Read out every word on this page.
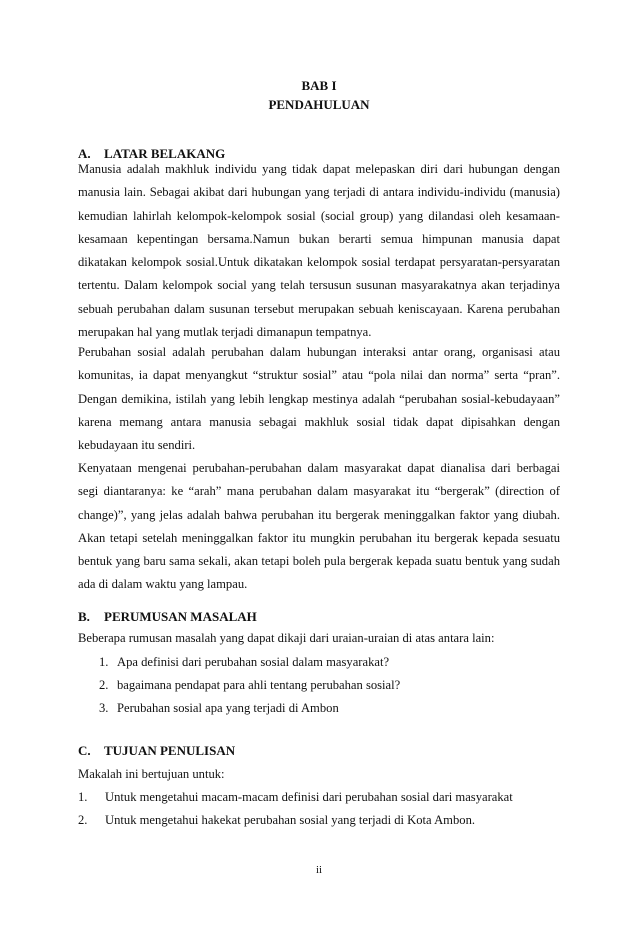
BAB I
PENDAHULUAN
A. LATAR BELAKANG

Manusia adalah makhluk individu yang tidak dapat melepaskan diri dari hubungan dengan manusia lain. Sebagai akibat dari hubungan yang terjadi di antara individu-individu (manusia) kemudian lahirlah kelompok-kelompok sosial (social group) yang dilandasi oleh kesamaan-kesamaan kepentingan bersama.Namun bukan berarti semua himpunan manusia dapat dikatakan kelompok sosial.Untuk dikatakan kelompok sosial terdapat persyaratan-persyaratan tertentu. Dalam kelompok social yang telah tersusun susunan masyarakatnya akan terjadinya sebuah perubahan dalam susunan tersebut merupakan sebuah keniscayaan. Karena perubahan merupakan hal yang mutlak terjadi dimanapun tempatnya.

Perubahan sosial adalah perubahan dalam hubungan interaksi antar orang, organisasi atau komunitas, ia dapat menyangkut “struktur sosial” atau “pola nilai dan norma” serta “pran”. Dengan demikina, istilah yang lebih lengkap mestinya adalah “perubahan sosial-kebudayaan” karena memang antara manusia sebagai makhluk sosial tidak dapat dipisahkan dengan kebudayaan itu sendiri.

Kenyataan mengenai perubahan-perubahan dalam masyarakat dapat dianalisa dari berbagai segi diantaranya: ke “arah” mana perubahan dalam masyarakat itu “bergerak” (direction of change)”, yang jelas adalah bahwa perubahan itu bergerak meninggalkan faktor yang diubah. Akan tetapi setelah meninggalkan faktor itu mungkin perubahan itu bergerak kepada sesuatu bentuk yang baru sama sekali, akan tetapi boleh pula bergerak kepada suatu bentuk yang sudah ada di dalam waktu yang lampau.

B. PERUMUSAN MASALAH
Beberapa rumusan masalah yang dapat dikaji dari uraian-uraian di atas antara lain:
1. Apa definisi dari perubahan sosial dalam masyarakat?
2. bagaimana pendapat para ahli tentang perubahan sosial?
3. Perubahan sosial apa yang terjadi di Ambon
C. TUJUAN PENULISAN
Makalah ini bertujuan untuk:
1. Untuk mengetahui macam-macam definisi dari perubahan sosial dari masyarakat
2. Untuk mengetahui hakekat perubahan sosial yang terjadi di Kota Ambon.
ii
